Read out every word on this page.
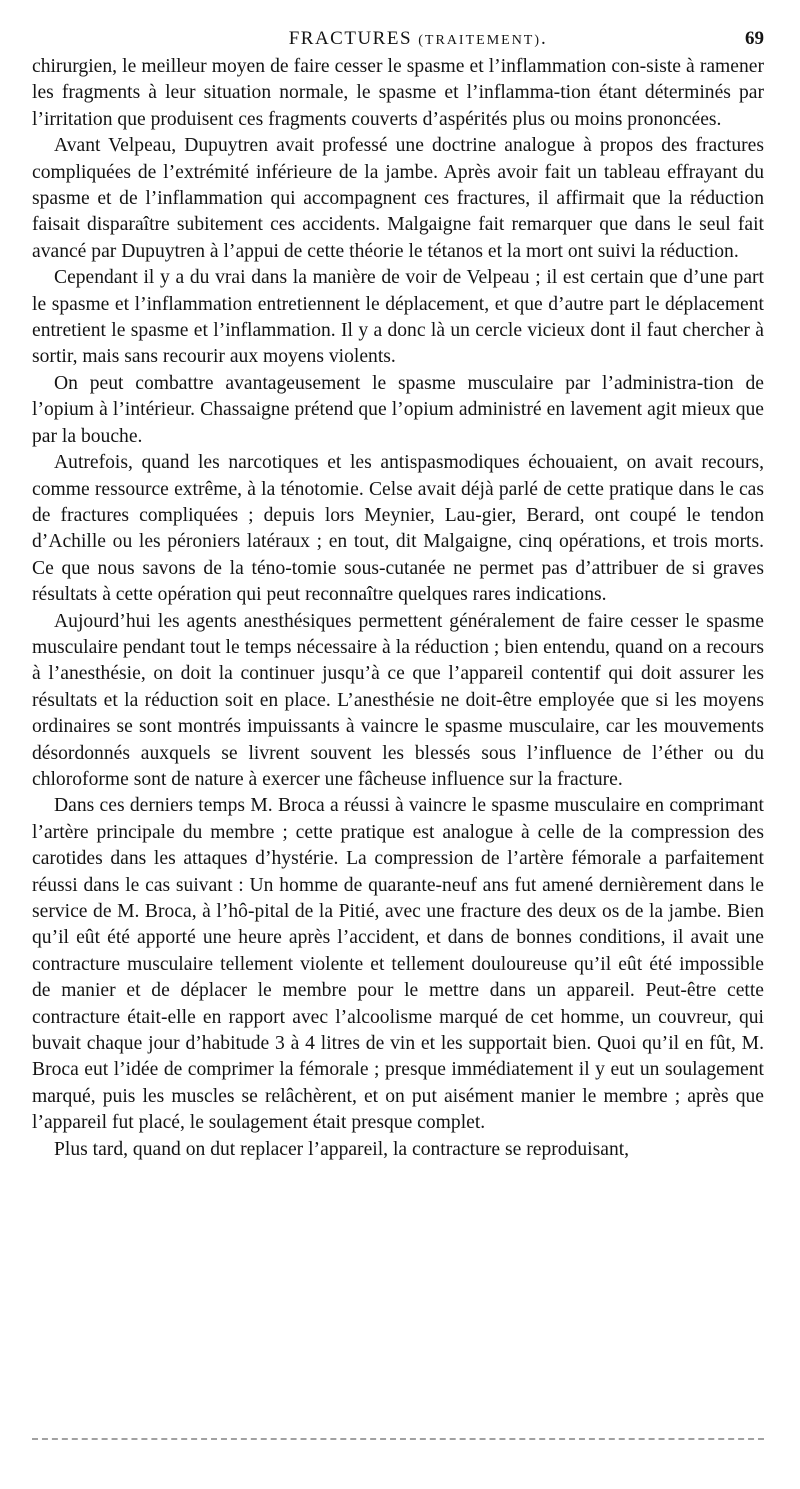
FRACTURES (TRAITEMENT).	69

chirurgien, le meilleur moyen de faire cesser le spasme et l’inflammation con-siste à ramener les fragments à leur situation normale, le spasme et l’inflamma-tion étant déterminés par l’irritation que produisent ces fragments couverts d’aspérités plus ou moins prononcées.

Avant Velpeau, Dupuytren avait professé une doctrine analogue à propos des fractures compliquées de l’extrémité inférieure de la jambe. Après avoir fait un tableau effrayant du spasme et de l’inflammation qui accompagnent ces fractures, il affirmait que la réduction faisait disparaître subitement ces accidents. Malgaigne fait remarquer que dans le seul fait avancé par Dupuytren à l’appui de cette théorie le tétanos et la mort ont suivi la réduction.

Cependant il y a du vrai dans la manière de voir de Velpeau ; il est certain que d’une part le spasme et l’inflammation entretiennent le déplacement, et que d’autre part le déplacement entretient le spasme et l’inflammation. Il y a donc là un cercle vicieux dont il faut chercher à sortir, mais sans recourir aux moyens violents.

On peut combattre avantageusement le spasme musculaire par l’administra-tion de l’opium à l’intérieur. Chassaigne prétend que l’opium administré en lavement agit mieux que par la bouche.

Autrefois, quand les narcotiques et les antispasmodiques échouaient, on avait recours, comme ressource extrême, à la ténotomie. Celse avait déjà parlé de cette pratique dans le cas de fractures compliquées ; depuis lors Meynier, Lau-gier, Berard, ont coupé le tendon d’Achille ou les péroniers latéraux ; en tout, dit Malgaigne, cinq opérations, et trois morts. Ce que nous savons de la téno-tomie sous-cutanée ne permet pas d’attribuer de si graves résultats à cette opération qui peut reconnaître quelques rares indications.

Aujourd’hui les agents anesthésiques permettent généralement de faire cesser le spasme musculaire pendant tout le temps nécessaire à la réduction ; bien entendu, quand on a recours à l’anesthésie, on doit la continuer jusqu’à ce que l’appareil contentif qui doit assurer les résultats et la réduction soit en place. L’anesthésie ne doit-être employée que si les moyens ordinaires se sont montrés impuissants à vaincre le spasme musculaire, car les mouvements désordonnés auxquels se livrent souvent les blessés sous l’influence de l’éther ou du chloroforme sont de nature à exercer une fâcheuse influence sur la fracture.

Dans ces derniers temps M. Broca a réussi à vaincre le spasme musculaire en comprimant l’artère principale du membre ; cette pratique est analogue à celle de la compression des carotides dans les attaques d’hystérie. La compression de l’artère fémorale a parfaitement réussi dans le cas suivant : Un homme de quarante-neuf ans fut amené dernièrement dans le service de M. Broca, à l’hô-pital de la Pitié, avec une fracture des deux os de la jambe. Bien qu’il eût été apporté une heure après l’accident, et dans de bonnes conditions, il avait une contracture musculaire tellement violente et tellement douloureuse qu’il eût été impossible de manier et de déplacer le membre pour le mettre dans un appareil. Peut-être cette contracture était-elle en rapport avec l’alcoolisme marqué de cet homme, un couvreur, qui buvait chaque jour d’habitude 3 à 4 litres de vin et les supportait bien. Quoi qu’il en fût, M. Broca eut l’idée de comprimer la fémorale ; presque immédiatement il y eut un soulagement marqué, puis les muscles se relâchèrent, et on put aisément manier le membre ; après que l’appareil fut placé, le soulagement était presque complet.

Plus tard, quand on dut replacer l’appareil, la contracture se reproduisant,
